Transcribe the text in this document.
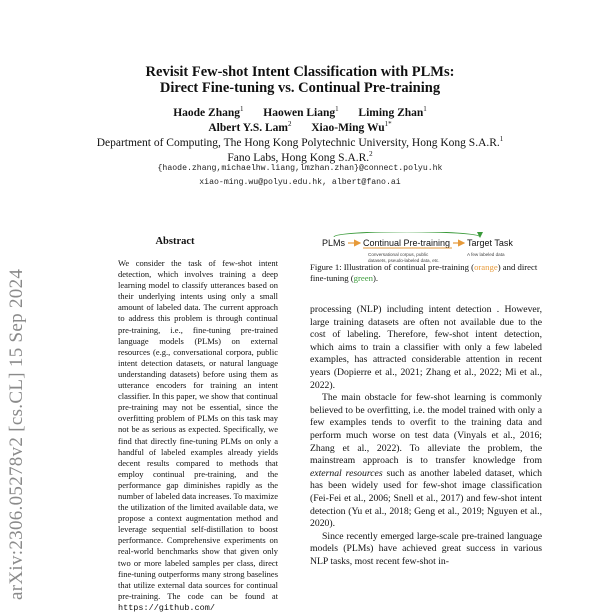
arXiv:2306.05278v2 [cs.CL] 15 Sep 2024
Revisit Few-shot Intent Classification with PLMs:
Direct Fine-tuning vs. Continual Pre-training
Haode Zhang$^1$ Haowen Liang$^1$ Liming Zhan$^1$
Albert Y.S. Lam$^2$ Xiao-Ming $Wu^{1*}$
Department of Computing, The Hong Kong Polytechnic University, Hong Kong S.A.R.$^1$
Fano Labs, Hong Kong S.A.R.$^2$
{haode.zhang,michaelhw.liang,lmzhan.zhan}@connect.polyu.hk
xiao-ming.wu@polyu.edu.hk, albert@fano.ai
Abstract
We consider the task of few-shot intent detection, which involves training a deep learning model to classify utterances based on their underlying intents using only a small amount of labeled data. The current approach to address this problem is through continual pre-training, i.e., fine-tuning pre-trained language models (PLMs) on external resources (e.g., conversational corpora, public intent detection datasets, or natural language understanding datasets) before using them as utterance encoders for training an intent classifier. In this paper, we show that continual pre-training may not be essential, since the overfitting problem of PLMs on this task may not be as serious as expected. Specifically, we find that directly fine-tuning PLMs on only a handful of labeled examples already yields decent results compared to methods that employ continual pre-training, and the performance gap diminishes rapidly as the number of labeled data increases. To maximize the utilization of the limited available data, we propose a context augmentation method and leverage sequential self-distillation to boost performance. Comprehensive experiments on real-world benchmarks show that given only two or more labeled samples per class, direct fine-tuning outperforms many strong baselines that utilize external data sources for continual pre-training. The code can be found at https://github.com/
PLMs Continual Pre-training Target Task
Conversational corpus, public
datasets, pseudo-labeled data, etc.
A few labeled data
Figure 1: Illustration of continual pre-training (orange) and direct fine-tuning (green).

processing (NLP) including intent detection . However, large training datasets are often not available due to the cost of labeling. Therefore, few-shot intent detection, which aims to train a classifier with only a few labeled examples, has attracted considerable attention in recent years (Dopierre et al., 2021; Zhang et al., 2022; Mi et al., 2022).

The main obstacle for few-shot learning is commonly believed to be overfitting, i.e. the model trained with only a few examples tends to overfit to the training data and perform much worse on test data (Vinyals et al., 2016; Zhang et al., 2022). To alleviate the problem, the mainstream approach is to transfer knowledge from external resources such as another labeled dataset, which has been widely used for few-shot image classification (Fei-Fei et al., 2006; Snell et al., 2017) and few-shot intent detection (Yu et al., 2018; Geng et al., 2019; Nguyen et al., 2020).

Since recently emerged large-scale pre-trained language models (PLMs) have achieved great success in various NLP tasks, most recent few-shot in-
